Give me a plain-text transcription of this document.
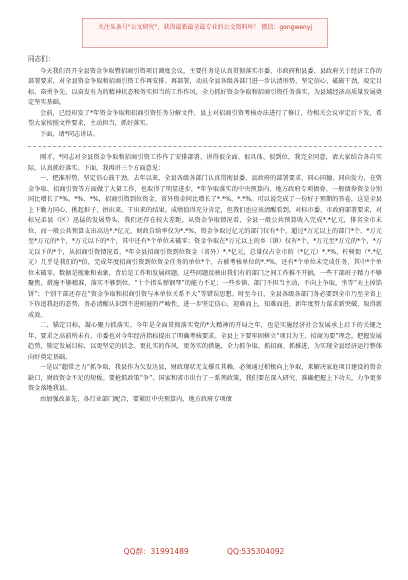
关注头条号"公文研究"，获得最新最全最专业的公文资料库！ 微信：gongwenyj

同志们：

今天我们召开全县资金争取暨招商引资项目调度会议，主要任务是认真贯彻落实市委、市政府和县委、县政府关于经济工作的部署要求，对全县资金争取和招商引资工作再安排、再部署，动员全县各级各部门进一步认清形势，坚定信心，砥砺干劲，咬定目标、奋勇争先，以奋发有为的精神状态和务实担当的工作作风，全力抓好资金争取和招商引资任务落实，为县域经济高质量发展奠定坚实基础。

会前，已经印发了*年资金争取和招商引资任务分解文件，县上对招商引资考核办法进行了修订，待相关会议审定后下发，希望大家按照文件要求，主动担当，抓好落实。

下面，请*同志讲话。

刚才，*同志对全县资金争取和招商引资工作作了安排部署，讲得很全面、很具体、很到位，我完全同意，请大家结合各自实际，认真抓好落实。下面，我再讲三个方面意见：

一、把准形势，坚定信心鼓干劲。去年以来，全县各级各部门认真贯彻县委、县政府的部署要求，同心同德、同向发力，在资金争取、招商引资等方面做了大量工作，也取得了明显进步，*年争取落实的中央预算内、地方政府专项债券、一般债券资金分别同比增长了*%、*%、*%，招商引资到位资金、省外资金同比增长了*.*%、*.*%。可以说完成了一份好于预期的答卷，这是全县上下勠力同心、挑起担子、拼出来、干出来的结果。成绩值得充分肯定，但我们也应该清醒看到，对标市委、市政府部署要求，对标兄弟县（区）迅猛的发展势头，我们还存在较大差距，从资金争取情况看，全县一般公共预算收入完成*.*亿元，排名全市末位，而一般公共预算支出高达*.*亿元，财政自给率仅为*.*%，资金争取过亿元的部门仅有*个，超过*万元以上的部门*个，*万元至*万元的*个，*万元以下的*个，其中还有*个单位未破零；资金争取在*万元以上的乡（镇）仅有*个，*万元至*万元的*个，*万元以下的*个，从招商引资情况看，*年全县招商引资到位资金（省外）*.*亿元，总量仅占全市的（*亿元）*.*%，柠树街（*.*亿元）几乎是我们的*倍，完成年度招商引资到位资金任务的单位*个，占被考核单位的*.*%，还有*个单位未完成任务，其中*个单位未破零。数据是现象和表象，背后是工作和发展问题。这些问题反映出我们有的部门之间工作推不开搞，一些干部班子精力不够聚焦，措施不够精准，落实不够到位。“十个指头弹钢琴”的能力不足；一些乡镇、部门不担当主动，不向上争取，坐等“天上掉馅饼”；个别干部还存在“资金争取和招商引资与本单位关系不大”等错误思想。时至今日，全县各级各部门务必要到全市乃至全省上下你追我赶的态势，务必清醒认识到不进则退的严峻性，进一步坚定信心，迎难而上，知难而进，新年度努力谋求新突破、取得新成效。

二、锚定目标，凝心聚力抓落实。今年是全面贯彻落实党的*大精神的开局之年，也是实施经济社会发展承上启下的关键之年，要求之高前所未有，市委也对今年经济指标提出了明确考核要求。全县上下要牢固树立“项目为王、招商为要”理念，把握发展趋势，锁定发展目标，以更坚定的信念、更扎实的作风、更务实的措施，全力抓争取、抓招商、抓推进，为实现全县经济运行整体向好奠定基础。

一是以“超常之力”抓争取，我县作为欠发达县，财政现状无支撑且其赖，必须通过积极向上争取，来解决家庭项目建设的资金缺口，财政资金不足的短板。要抢抓政策“争”。国家和省市出台了一系列政策，我们要在深入研究、准确把握上下功夫，力争更多资金落地我县。

由加强改革先、各行业部门配合，要紧盯中央预算内、地方政府专项债

QQ群：31991489	QQ:535304092
